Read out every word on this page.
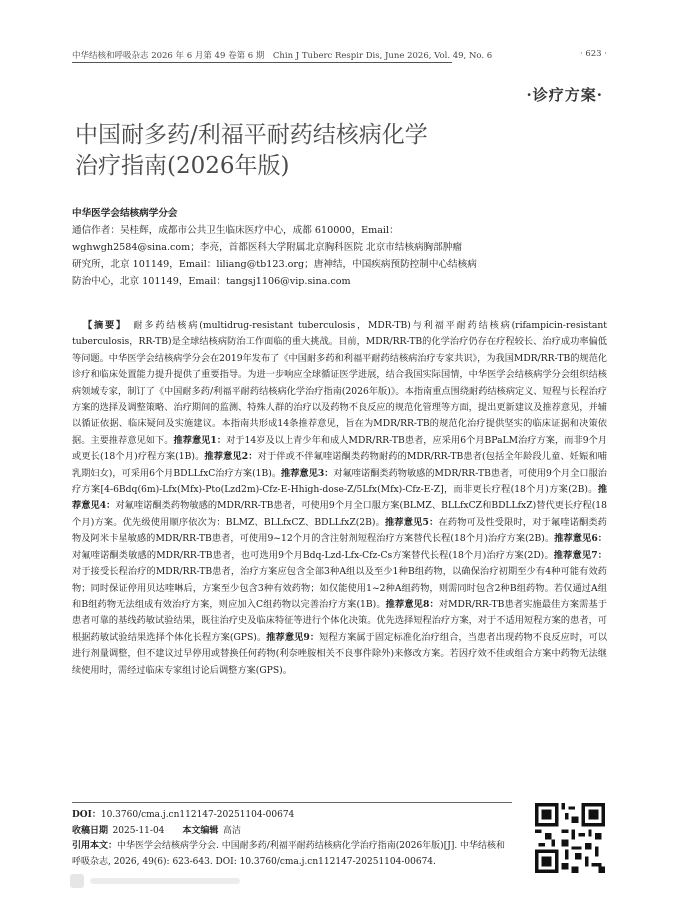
中华结核和呼吸杂志 2026 年 6 月第 49 卷第 6 期　Chin J Tuberc Respir Dis, June 2026, Vol. 49, No. 6	· 623 ·
·诊疗方案·
中国耐多药/利福平耐药结核病化学
治疗指南(2026年版)
中华医学会结核病学分会
通信作者：吴桂辉，成都市公共卫生临床医疗中心，成都 610000，Email：
wghwgh2584@sina.com；李亮，首都医科大学附属北京胸科医院 北京市结核病胸部肿瘤
研究所，北京 101149，Email：liliang@tb123.org；唐神结，中国疾病预防控制中心结核病
防治中心，北京 101149，Email：tangsj1106@vip.sina.com
 【摘要】  耐多药结核病(multidrug-resistant tuberculosis，MDR-TB)与利福平耐药结核病(rifampicin-resistant tuberculosis，RR-TB)是全球结核病防治工作面临的重大挑战。目前，MDR/RR-TB的化学治疗仍存在疗程较长、治疗成功率偏低等问题。中华医学会结核病学分会在2019年发布了《中国耐多药和利福平耐药结核病治疗专家共识》，为我国MDR/RR-TB的规范化诊疗和临床处置能力提升提供了重要指导。为进一步响应全球循证医学进展，结合我国实际国情，中华医学会结核病学分会组织结核病领域专家，制订了《中国耐多药/利福平耐药结核病化学治疗指南(2026年版)》。本指南重点围绕耐药结核病定义、短程与长程治疗方案的选择及调整策略、治疗期间的监测、特殊人群的治疗以及药物不良反应的规范化管理等方面，提出更新建议及推荐意见，并辅以循证依据、临床疑问及实施建议。本指南共形成14条推荐意见，旨在为MDR/RR-TB的规范化治疗提供坚实的临床证据和决策依据。主要推荐意见如下。推荐意见1：对于14岁及以上青少年和成人MDR/RR-TB患者，应采用6个月BPaLM治疗方案，而非9个月或更长(18个月)疗程方案(1B)。推荐意见2：对于伴或不伴氟喹诺酮类药物耐药的MDR/RR-TB患者(包括全年龄段儿童、妊娠和哺乳期妇女)，可采用6个月BDLLfxC治疗方案(1B)。推荐意见3：对氟喹诺酮类药物敏感的MDR/RR-TB患者，可使用9个月全口服治疗方案[4-6Bdq(6m)-Lfx(Mfx)-Pto(Lzd2m)-Cfz-E-Hhigh-dose-Z/5Lfx(Mfx)-Cfz-E-Z]，而非更长疗程(18个月)方案(2B)。推荐意见4：对氟喹诺酮类药物敏感的MDR/RR-TB患者，可使用9个月全口服方案(BLMZ、BLLfxCZ和BDLLfxZ)替代更长疗程(18个月)方案。优先级使用顺序依次为：BLMZ、BLLfxCZ、BDLLfxZ(2B)。推荐意见5：在药物可及性受限时，对于氟喹诺酮类药物及阿米卡星敏感的MDR/RR-TB患者，可使用9~12个月的含注射剂短程治疗方案替代长程(18个月)治疗方案(2B)。推荐意见6：对氟喹诺酮类敏感的MDR/RR-TB患者，也可选用9个月Bdq-Lzd-Lfx-Cfz-Cs方案替代长程(18个月)治疗方案(2D)。推荐意见7：对于接受长程治疗的MDR/RR-TB患者，治疗方案应包含全部3种A组以及至少1种B组药物，以确保治疗初期至少有4种可能有效药物；同时保证停用贝达喹啉后，方案至少包含3种有效药物；如仅能使用1~2种A组药物，则需同时包含2种B组药物。若仅通过A组和B组药物无法组成有效治疗方案，则应加入C组药物以完善治疗方案(1B)。推荐意见8：对MDR/RR-TB患者实施最佳方案需基于患者可靠的基线药敏试验结果，既往治疗史及临床特征等进行个体化决策。优先选择短程治疗方案，对于不适用短程方案的患者，可根据药敏试验结果选择个体化长程方案(GPS)。推荐意见9：短程方案属于固定标准化治疗组合，当患者出现药物不良反应时，可以进行剂量调整，但不建议过早停用或替换任何药物(利奈唑胺相关不良事件除外)来修改方案。若因疗效不佳或组合方案中药物无法继续使用时，需经过临床专家组讨论后调整方案(GPS)。
DOI：10.3760/cma.j.cn112147-20251104-00674
收稿日期  2025-11-04   本文编辑  高洁
引用本文：中华医学会结核病学分会. 中国耐多药/利福平耐药结核病化学治疗指南(2026年版)[J]. 中华结核和呼吸杂志, 2026, 49(6): 623-643. DOI: 10.3760/cma.j.cn112147-20251104-00674.
